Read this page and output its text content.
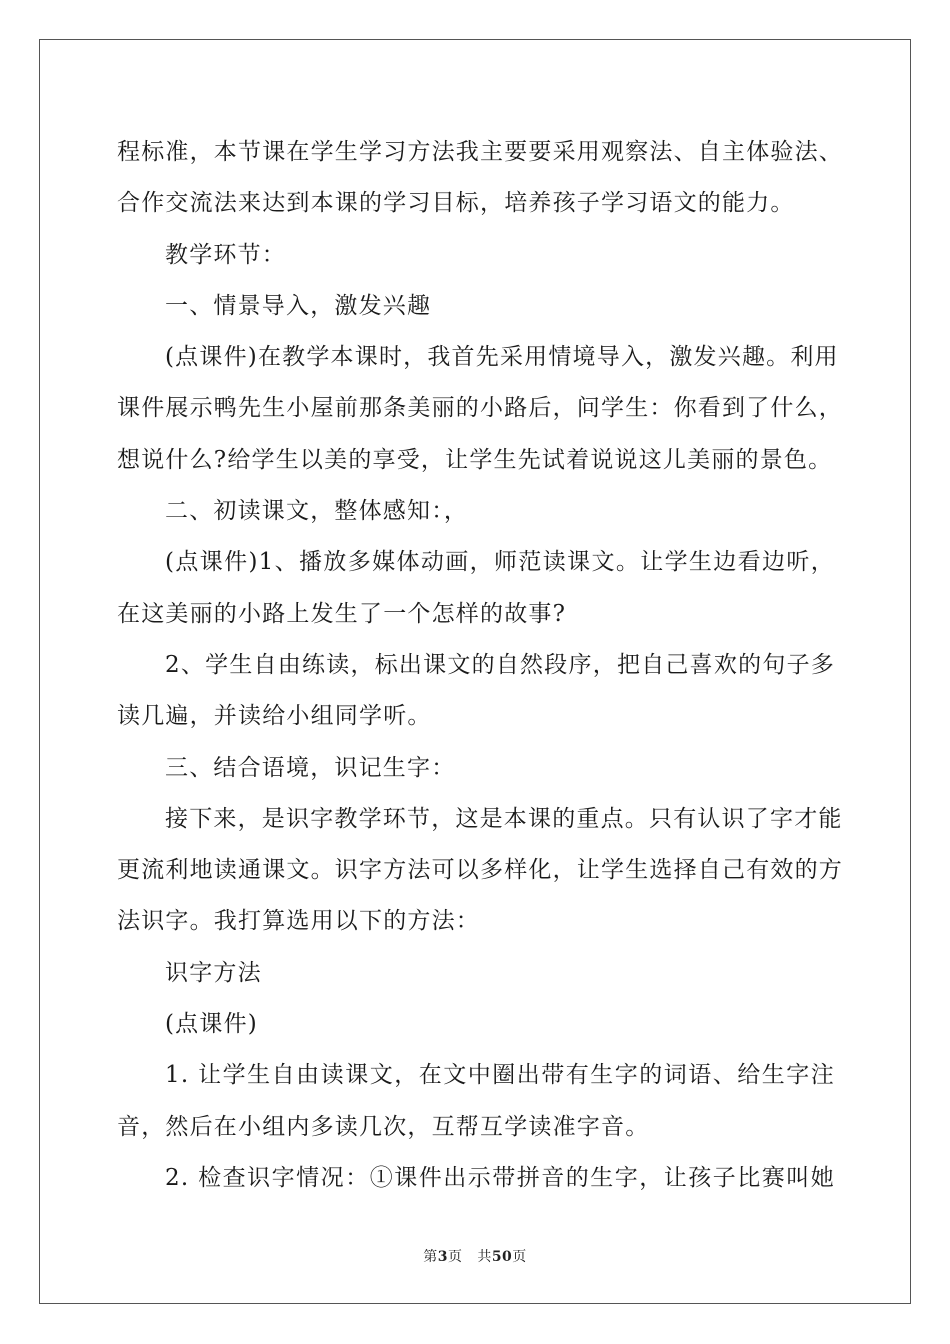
程标准，本节课在学生学习方法我主要要采用观察法、自主体验法、
合作交流法来达到本课的学习目标，培养孩子学习语文的能力。
教学环节：
一、情景导入，激发兴趣
(点课件)在教学本课时，我首先采用情境导入，激发兴趣。利用
课件展示鸭先生小屋前那条美丽的小路后，问学生：你看到了什么，
想说什么?给学生以美的享受，让学生先试着说说这儿美丽的景色。
二、初读课文，整体感知：，
(点课件)1、播放多媒体动画，师范读课文。让学生边看边听，
在这美丽的小路上发生了一个怎样的故事?
2、学生自由练读，标出课文的自然段序，把自己喜欢的句子多
读几遍，并读给小组同学听。
三、结合语境，识记生字：
接下来，是识字教学环节，这是本课的重点。只有认识了字才能
更流利地读通课文。识字方法可以多样化，让学生选择自己有效的方
法识字。我打算选用以下的方法：
识字方法
(点课件)
1. 让学生自由读课文，在文中圈出带有生字的词语、给生字注
音，然后在小组内多读几次，互帮互学读准字音。
2. 检查识字情况：①课件出示带拼音的生字，让孩子比赛叫她
第3页 共50页
